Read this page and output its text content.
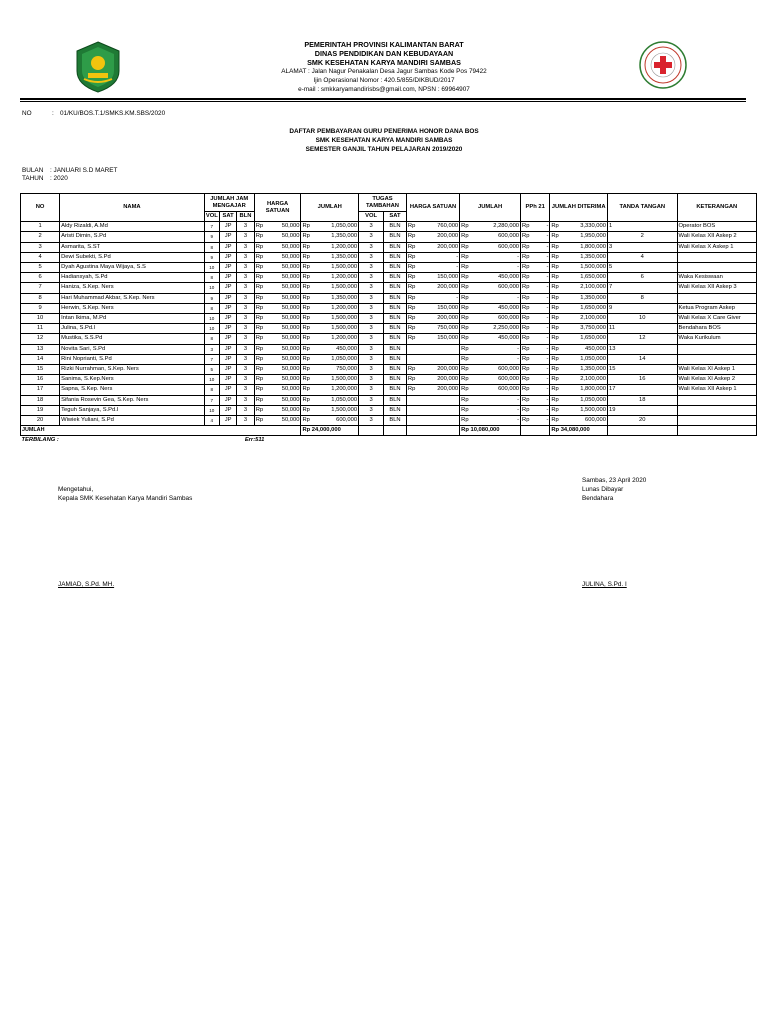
PEMERINTAH PROVINSI KALIMANTAN BARAT
DINAS PENDIDIKAN DAN KEBUDAYAAN
SMK KESEHATAN KARYA MANDIRI SAMBAS
ALAMAT : Jalan Nagur Penakalan Desa Jagur Sambas Kode Pos 79422
Ijin Operasional Nomor : 420.5/855/DIKBUD/2017
e-mail : smkkaryamandirisbs@gmail.com, NPSN : 69964907
NO	: 01/KU/BOS.T.1/SMKS.KM.SBS/2020
DAFTAR PEMBAYARAN GURU PENERIMA HONOR DANA BOS
SMK KESEHATAN KARYA MANDIRI SAMBAS
SEMESTER GANJIL TAHUN PELAJARAN 2019/2020
BULAN : JANUARI S.D MARET
TAHUN : 2020
NO	NAMA	JUMLAH JAM MENGAJAR			HARGA SATUAN	JUMLAH	TUGAS TAMBAHAN		HARGA SATUAN	JUMLAH	PPh 21	JUMLAH DITERIMA	TANDA TANGAN	KETERANGAN
		VOL	SAT	BLN			VOL	SAT						
1	Aldy Rizaldi, A.Md	7	JP	3	Rp 50,000	Rp 1,050,000	3	BLN	Rp 760,000	Rp 2,280,000	Rp -	Rp 3,330,000	1	Operator BOS
2	Aristi Dimin, S.Pd	9	JP	3	Rp 50,000	Rp 1,350,000	3	BLN	Rp 200,000	Rp 600,000	Rp -	Rp 1,950,000	2	Wali Kelas XII Askep 2
3	Asmarita, S.ST	8	JP	3	Rp 50,000	Rp 1,200,000	3	BLN	Rp 200,000	Rp 600,000	Rp -	Rp 1,800,000	3	Wali Kelas X Askep 1
4	Dewi Subekti, S.Pd	9	JP	3	Rp 50,000	Rp 1,350,000	3	BLN	Rp -	Rp -	Rp -	Rp 1,350,000	4	

5	Dyah Agustina Maya Wijaya, S.S	10	JP	3	Rp 50,000	Rp 1,500,000	3	BLN	Rp -	Rp -	Rp -	Rp 1,500,000	5	

6	Hadiansyah, S.Pd	8	JP	3	Rp 50,000	Rp 1,200,000	3	BLN	Rp 150,000	Rp 450,000	Rp -	Rp 1,650,000	6	Waka Kesiswaan
7	Haniza, S.Kep. Ners	10	JP	3	Rp 50,000	Rp 1,500,000	3	BLN	Rp 200,000	Rp 600,000	Rp -	Rp 2,100,000	7	Wali Kelas XII Askep 3
8	Hari Muhammad Akbar, S.Kep. Ners	9	JP	3	Rp 50,000	Rp 1,350,000	3	BLN	Rp -	Rp -	Rp -	Rp 1,350,000	8	

9	Herwin, S.Kep. Ners	8	JP	3	Rp 50,000	Rp 1,200,000	3	BLN	Rp 150,000	Rp 450,000	Rp -	Rp 1,650,000	9	Ketua Program Askep
10	Intan Ikima, M.Pd	10	JP	3	Rp 50,000	Rp 1,500,000	3	BLN	Rp 200,000	Rp 600,000	Rp -	Rp 2,100,000	10	Wali Kelas X Care Giver
11	Julina, S.Pd.I	10	JP	3	Rp 50,000	Rp 1,500,000	3	BLN	Rp 750,000	Rp 2,250,000	Rp -	Rp 3,750,000	11	Bendahara BOS
12	Mustika, S.S.Pd	8	JP	3	Rp 50,000	Rp 1,200,000	3	BLN	Rp 150,000	Rp 450,000	Rp -	Rp 1,650,000	12	Waka Kurikulum
13	Novita Sari, S.Pd	3	JP	3	Rp 50,000	Rp 450,000	3	BLN		Rp -	Rp -	Rp 450,000	13	

14	Rini Noprianti, S.Pd	7	JP	3	Rp 50,000	Rp 1,050,000	3	BLN		Rp -	Rp -	Rp 1,050,000	14	

15	Rizki Nurrahman, S.Kep. Ners	5	JP	3	Rp 50,000	Rp 750,000	3	BLN	Rp 200,000	Rp 600,000	Rp -	Rp 1,350,000	15	Wali Kelas XI Askep 1
16	Sanima, S.Kep.Ners	10	JP	3	Rp 50,000	Rp 1,500,000	3	BLN	Rp 200,000	Rp 600,000	Rp -	Rp 2,100,000	16	Wali Kelas XI Askep 2
17	Sapna, S.Kep. Ners	8	JP	3	Rp 50,000	Rp 1,200,000	3	BLN	Rp 200,000	Rp 600,000	Rp -	Rp 1,800,000	17	Wali Kelas XII Askep 1
18	Sifania Rosevin Gea, S.Kep. Ners	7	JP	3	Rp 50,000	Rp 1,050,000	3	BLN		Rp -	Rp -	Rp 1,050,000	18	

19	Teguh Sanjaya, S.Pd.I	10	JP	3	Rp 50,000	Rp 1,500,000	3	BLN		Rp -	Rp -	Rp 1,500,000	19	

20	Wiwiek Yuliani, S.Pd	4	JP	3	Rp 50,000	Rp 600,000	3	BLN		Rp -	Rp -	Rp 600,000	20	

JUMLAH						Rp 24,000,000				Rp 10,080,000		Rp 34,080,000		
TERBILANG :				Err:511										
Sambas, 23 April 2020
Lunas Dibayar
Bendahara
Mengetahui,
Kepala SMK Kesehatan Karya Mandiri Sambas
JAMIAD, S.Pd. MH.	JULINA, S.Pd. I
